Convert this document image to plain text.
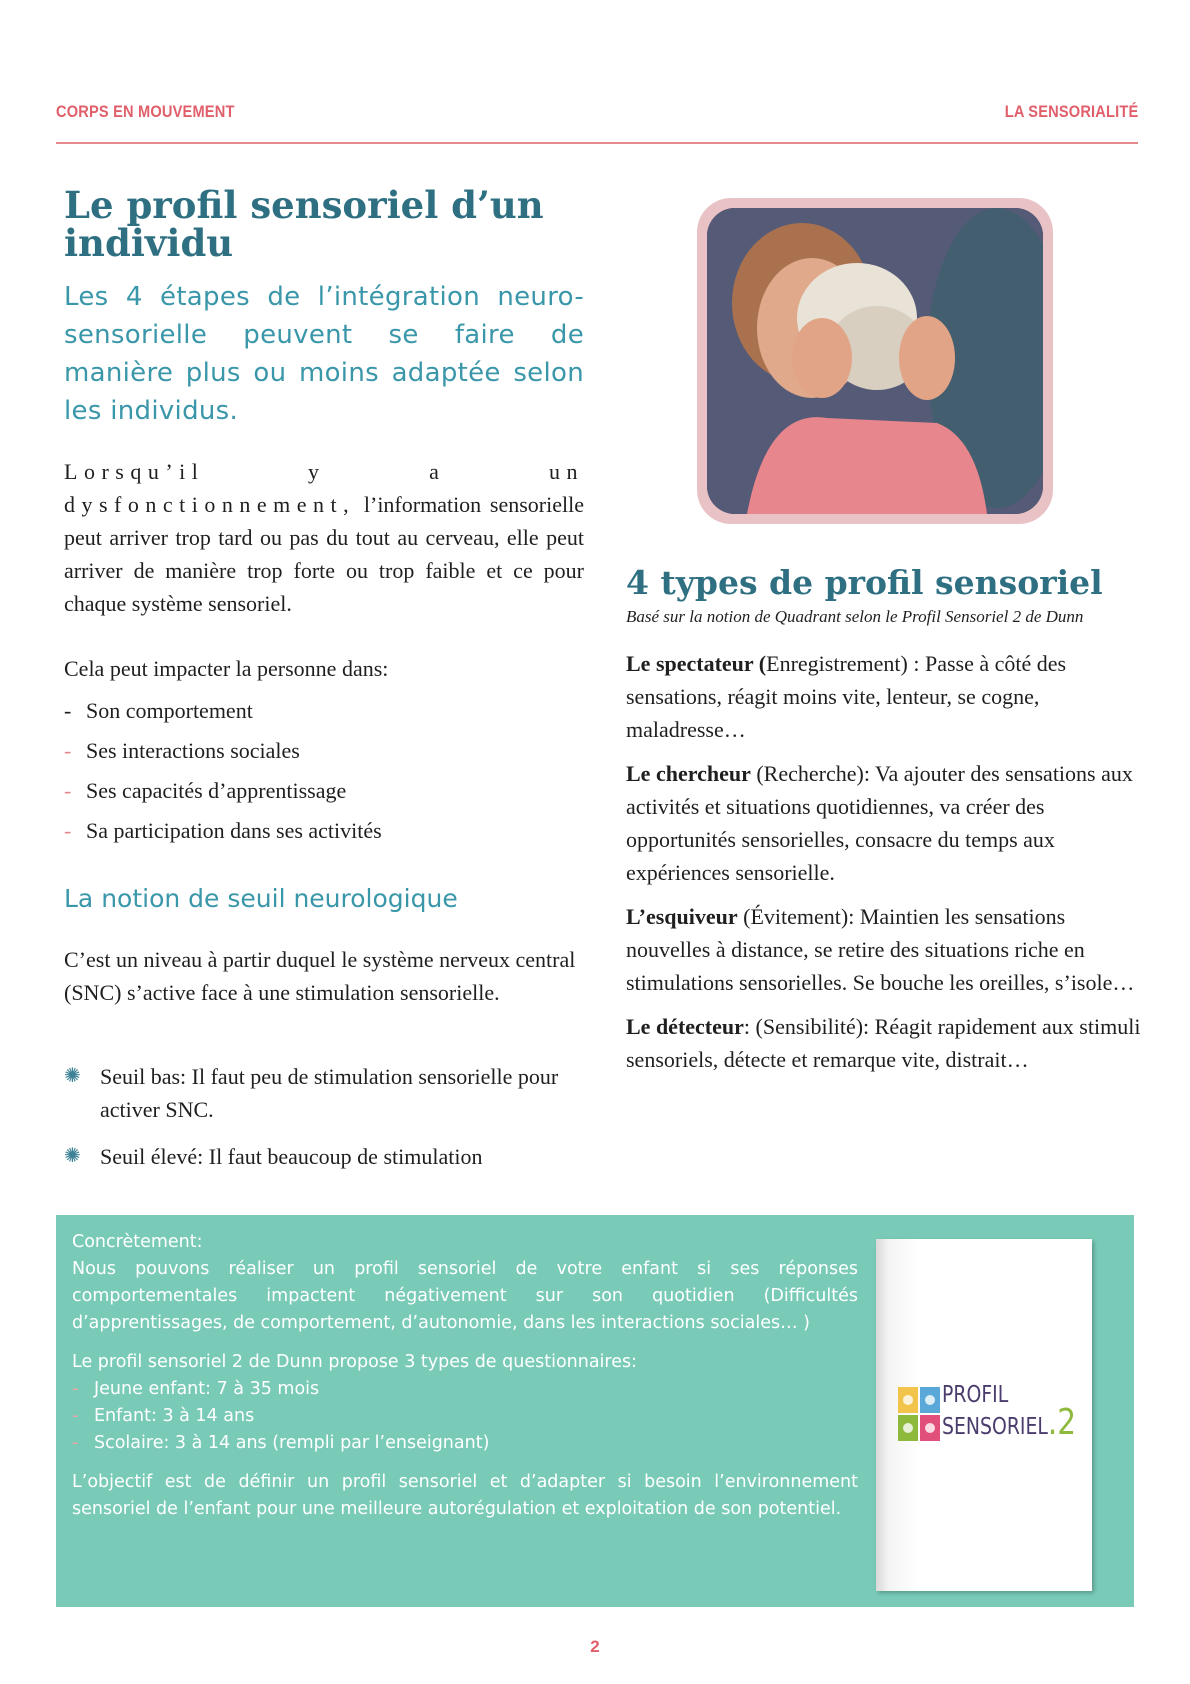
CORPS EN MOUVEMENT	LA SENSORIALITÉ
Le profil sensoriel d’un individu

Les 4 étapes de l’intégration neuro-sensorielle peuvent se faire de manière plus ou moins adaptée selon les individus.

Lorsqu’il y a un dysfonctionnement, l’information sensorielle peut arriver trop tard ou pas du tout au cerveau, elle peut arriver de manière trop forte ou trop faible et ce pour chaque système sensoriel.

Cela peut impacter la personne dans:

- Son comportement
- Ses interactions sociales
- Ses capacités d’apprentissage
- Sa participation dans ses activités
La notion de seuil neurologique

C’est un niveau à partir duquel le système nerveux central (SNC) s’active face à une stimulation sensorielle.

✺ Seuil bas: Il faut peu de stimulation sensorielle pour activer SNC.
✺ Seuil élevé: Il faut beaucoup de stimulation
4 types de profil sensoriel

Basé sur la notion de Quadrant selon le Profil Sensoriel 2 de Dunn

Le spectateur (Enregistrement) : Passe à côté des sensations, réagit moins vite, lenteur, se cogne, maladresse…

Le chercheur (Recherche): Va ajouter des sensations aux activités et situations quotidiennes, va créer des opportunités sensorielles, consacre du temps aux expériences sensorielle.

L’esquiveur (Évitement): Maintien les sensations nouvelles à distance, se retire des situations riche en stimulations sensorielles. Se bouche les oreilles, s’isole…

Le détecteur: (Sensibilité): Réagit rapidement aux stimuli sensoriels, détecte et remarque vite, distrait…

Concrètement:

Nous pouvons réaliser un profil sensoriel de votre enfant si ses réponses comportementales impactent négativement sur son quotidien (Difficultés d’apprentissages, de comportement, d’autonomie, dans les interactions sociales… )

Le profil sensoriel 2 de Dunn propose 3 types de questionnaires:

- Jeune enfant: 7 à 35 mois
- Enfant: 3 à 14 ans
- Scolaire: 3 à 14 ans (rempli par l’enseignant)

L’objectif est de définir un profil sensoriel et d’adapter si besoin l’environnement sensoriel de l’enfant pour une meilleure autorégulation et exploitation de son potentiel.

PROFIL
SENSORIEL.2
2
